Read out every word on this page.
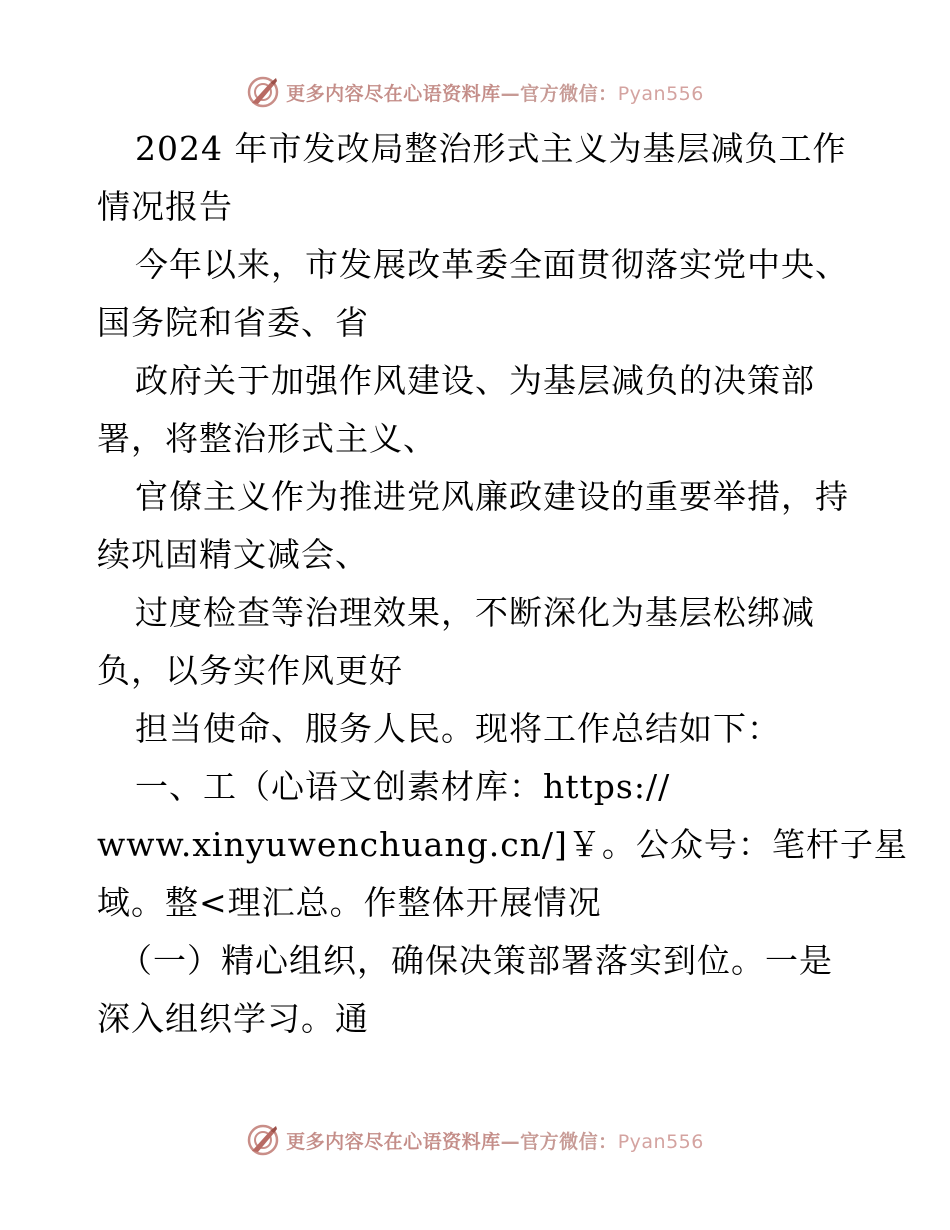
更多内容尽在心语资料库—官方微信：Pyan556
2024 年市发改局整治形式主义为基层减负工作
情况报告
今年以来，市发展改革委全面贯彻落实党中央、
国务院和省委、省
政府关于加强作风建设、为基层减负的决策部
署，将整治形式主义、
官僚主义作为推进党风廉政建设的重要举措，持
续巩固精文减会、
过度检查等治理效果，不断深化为基层松绑减
负，以务实作风更好
担当使命、服务人民。现将工作总结如下：
一、工（心语文创素材库：https://
www.xinyuwenchuang.cn/]￥。公众号：笔杆子星
域。整<理汇总。作整体开展情况
（一）精心组织，确保决策部署落实到位。一是
深入组织学习。通
更多内容尽在心语资料库—官方微信：Pyan556
